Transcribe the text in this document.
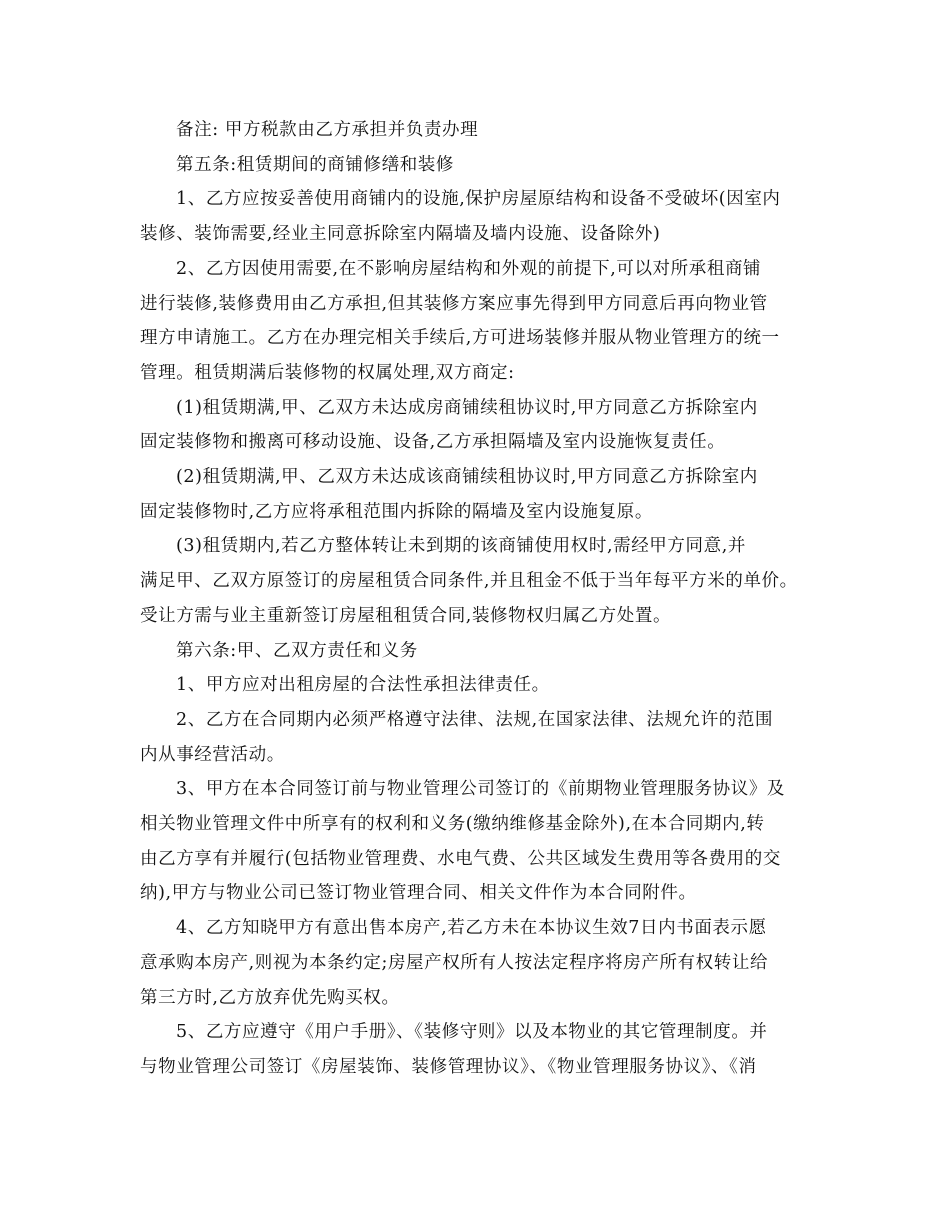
备注: 甲方税款由乙方承担并负责办理

第五条:租赁期间的商铺修缮和装修

1、乙方应按妥善使用商铺内的设施,保护房屋原结构和设备不受破坏(因室内

装修、装饰需要,经业主同意拆除室内隔墙及墙内设施、设备除外)

2、乙方因使用需要,在不影响房屋结构和外观的前提下,可以对所承租商铺

进行装修,装修费用由乙方承担,但其装修方案应事先得到甲方同意后再向物业管

理方申请施工。乙方在办理完相关手续后,方可进场装修并服从物业管理方的统一

管理。租赁期满后装修物的权属处理,双方商定:

(1)租赁期满,甲、乙双方未达成房商铺续租协议时,甲方同意乙方拆除室内

固定装修物和搬离可移动设施、设备,乙方承担隔墙及室内设施恢复责任。

(2)租赁期满,甲、乙双方未达成该商铺续租协议时,甲方同意乙方拆除室内

固定装修物时,乙方应将承租范围内拆除的隔墙及室内设施复原。

(3)租赁期内,若乙方整体转让未到期的该商铺使用权时,需经甲方同意,并

满足甲、乙双方原签订的房屋租赁合同条件,并且租金不低于当年每平方米的单价。

受让方需与业主重新签订房屋租租赁合同,装修物权归属乙方处置。

第六条:甲、乙双方责任和义务

1、甲方应对出租房屋的合法性承担法律责任。

2、乙方在合同期内必须严格遵守法律、法规,在国家法律、法规允许的范围

内从事经营活动。

3、甲方在本合同签订前与物业管理公司签订的《前期物业管理服务协议》及

相关物业管理文件中所享有的权利和义务(缴纳维修基金除外),在本合同期内,转

由乙方享有并履行(包括物业管理费、水电气费、公共区域发生费用等各费用的交

纳),甲方与物业公司已签订物业管理合同、相关文件作为本合同附件。

4、乙方知晓甲方有意出售本房产,若乙方未在本协议生效7日内书面表示愿

意承购本房产,则视为本条约定;房屋产权所有人按法定程序将房产所有权转让给

第三方时,乙方放弃优先购买权。

5、乙方应遵守《用户手册》、《装修守则》以及本物业的其它管理制度。并

与物业管理公司签订《房屋装饰、装修管理协议》、《物业管理服务协议》、《消
